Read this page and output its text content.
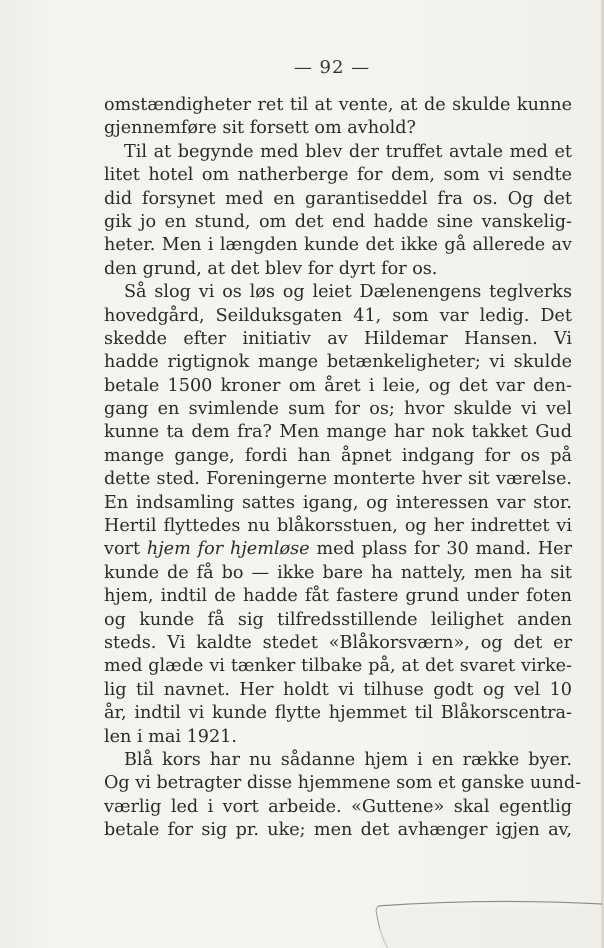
— 92 —
omstændigheter ret til at vente, at de skulde kunne
gjennemføre sit forsett om avhold?
Til at begynde med blev der truffet avtale med et
litet hotel om natherberge for dem, som vi sendte
did forsynet med en garantiseddel fra os. Og det
gik jo en stund, om det end hadde sine vanskelig-
heter. Men i længden kunde det ikke gå allerede av
den grund, at det blev for dyrt for os.
Så slog vi os løs og leiet Dælenengens teglverks
hovedgård, Seilduksgaten 41, som var ledig. Det
skedde efter initiativ av Hildemar Hansen. Vi
hadde rigtignok mange betænkeligheter; vi skulde
betale 1500 kroner om året i leie, og det var den-
gang en svimlende sum for os; hvor skulde vi vel
kunne ta dem fra? Men mange har nok takket Gud
mange gange, fordi han åpnet indgang for os på
dette sted. Foreningerne monterte hver sit værelse.
En indsamling sattes igang, og interessen var stor.
Hertil flyttedes nu blåkorsstuen, og her indrettet vi
vort hjem for hjemløse med plass for 30 mand. Her
kunde de få bo — ikke bare ha nattely, men ha sit
hjem, indtil de hadde fåt fastere grund under foten
og kunde få sig tilfredsstillende leilighet anden
steds. Vi kaldte stedet «Blåkorsværn», og det er
med glæde vi tænker tilbake på, at det svaret virke-
lig til navnet. Her holdt vi tilhuse godt og vel 10
år, indtil vi kunde flytte hjemmet til Blåkorscentra-
len i mai 1921.
Blå kors har nu sådanne hjem i en række byer.
Og vi betragter disse hjemmene som et ganske uund-
værlig led i vort arbeide. «Guttene» skal egentlig
betale for sig pr. uke; men det avhænger igjen av,
